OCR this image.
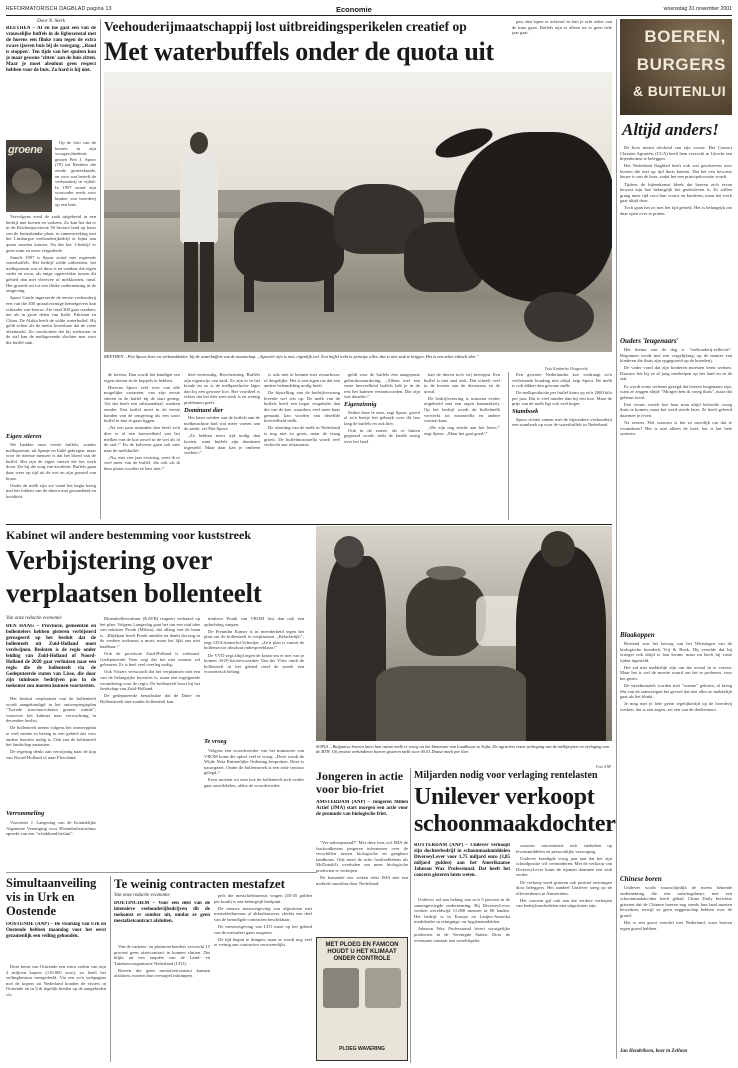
REFORMATORISCH DAGBLAD pagina 13	Economie	woensdag 31 november 2001
Door N. Sterk
REETHEN – Af en toe gaat een van de vrouwelijke buffels in de ligboxenstal met de horens een flinke ram tegen de extra zware ijzeren buis bij de voergang. „Rood is stoppen'. Ten tijde van het spuiten kun je maar gewone ‘zitten' aan de buis zitten. Maar je moet absoluut geen respect hebben voor de buis. Zo hard is hij niet.
groene

Op de foto van de boeren in zijn voorgeschiedenis gezien Piet J. Spoor (70) uit Reethen die zonde geneeskunde, en voor wat betreft de veehouderij in vijftal: In 1997 stond zijn voorvader reeds voor hunker van boerderij op een huis.

Vervolgens werd de zaak uitgebreid in een bedrijf met koeien en varkens. Zo kan het dat er in de Kitchenprovincie 50 hectare land op basis van de buitenlandse plaat, in samenwerking met het Limburgse veehouderijbedrijf er bijna aan quota moeten komen. Na dat het 1-bedrijf er geen ruim en meer vergaderde.

Simels 1997 is Spoor actief met regionale waterbuffels. Het bedrijf wilde uitbreiden, het melkquotum was er duur is en vandaar die eigen vader en zoon, als enige oppervlakte tussen dit gebied dan met vleesvee of melkkoeien, rund. Het groeide uit tot een flinke onderneming in de omgeving.

Spoor Castle ingeroerde de eerste veehouderij een van die 300 spiraalvormige hemelgevers kan schouder van boerse. Zie rond 300 gaas rondom, net als in grote delen van Italië. Pakistan en China. De Afrika heeft de wilde waterbuffel. Hij geldt echter als de meest kwetsbare dat de vaste afzetmarkt. Zo voorkomen dat bij werkwaar in de stal kan de melkgevende slachter met voor die buffel stuk.

Eigen stieren

We hadden onze eerste buffels, zonder melkquotum, uit Spanje en Italië gekregen, maar voor de meeste mensen is dat het bloed van de buffel. Het zijn de eigen stieren die het werk doen. Zie bij die zorg van kwaliteit. Buffels gaan daar weer op tijd uit de wei en zijn gezond van bouw.

Onder de melk zijn we vanaf het begin bezig met het fokken van de dieren met gezondheid en kwaliteit.

Veehouderijmaatschappij lost uitbreidingsperikelen creatief op
Met waterbuffels onder de quota uit
REETHEN – Piet Spoor, boer en verbanddokter, bij de waterbuffels van de maatschap. „Agrariër zijn is niet, eigenlijk wel. Een buffel trekt in principe alles, dus is niet stuk te krijgen. Het is een zeker ethisch idee."
Foto Kimberley Hougezicht

de koeien. Dan wordt het handiger om eigen stieren in de koppels te hebben.

Hiervan Spoor veel over van alle mogelijke varianten, van zijn eerste stieren in de buffel bij de start gering. Als dat heeft een stilstaandstal, rondom zonder. Een buffel moet in de eerste handen van de omgeving als een soort buffel te met te gaan liggen.

„Na een paar maanden dan heeft zo'n dier er al een hoeveelheid van het melken van de koe zowel in de wei als in de stal.\" En de kalveren gaan ook mee naar de melkbuffel.

„Nu, met vier jaar ervaring, weet ik er veel meer van de buffel, die ook als ik hem plaats worden ze best niet.\"

heel eenvoudig. Bescherming. Buffels zijn eigenwijs van aard. Ze zijn er in het koude en zo is de melkproductie lager dan bij een gewone koe. Het voordeel is echter dat het dier zeer sterk is en weinig problemen geeft.

Dominant dier

Het laten weiden van de buffels aan de melkmachine had wat meer voeten aan de aarde, zei Piet Spoor.

„Ze hebben meer tijd nodig dan koeien, want buffels zijn dominant ingesteld. Maar daar kan je omheen werken.\"

is ook niet te kennen met zwaarbouw of dergelijke. Het is een eigen ras dat een andere behandeling nodig heeft.

De bijstelling van de bedrijfsvoering leverde wel iets op. De melk van de buffels heeft een hoger vetgehalte dan die van de koe, waardoor veel meer kaas gemaakt kan worden van dezelfde hoeveelheid melk.

De afzetting van de melk in Nederland is nog niet zo groot, maar de vraag groeit. De buffelmozzarella wordt veel verkocht aan restaurants.

geldt voor de buffels een aangepaste gebruikswaardering. „Alleen met een vaste hoeveelheid buffels heb je in de rest het kunnen verantwoorden. Die zijn wat duurder.\"

Eigenzinnig

Sedert deze te zien, zegt Spoor, groeit al zo'n beetje het gebruik over dit hoe lang de buffels en ook hier.

Ook in de zomer, als er buiten gegraasd wordt, trekt de kudde rustig over het land.

kan de dieren toch vrij bewegen. Een buffel is niet snel ziek. Dat scheelt veel in de kosten van de dierenarts en de uitval.

De bedrijfsvoering is intussen verder uitgebreid met een eigen kaasmakerij. Op het bedrijf wordt de buffelmelk verwerkt tot mozzarella en andere soorten kaas.

„We zijn nog steeds aan het leren,\" zegt Spoor. „Maar het gaat goed.\"

pen, dan lopen er achteraf en kan je echt zeker van de kaas gaan. Buffels zijn er alleen tot er geen hele jaar gaat.

Een gewone Nederlandse koe verdraagt zo'n veeleisende houding niet altijd, zegt Spoor. De melk is ook dikker dan gewone melk.

De melkproductie per buffel komt op zo'n 2000 kilo per jaar. Dat is veel minder dan bij een koe. Maar de prijs van de melk ligt ook veel hoger.

Stamboek

Spoor richtte samen met de bijzondere veehouderij een stamboek op voor de waterbuffels in Nederland.

BOEREN,
BURGERS
& BUITENLUI
Altijd anders!

De boer neemt afscheid van zijn vrouw. Het Contact Christen Agrariërs (CCA) heeft hem verzocht in Utrecht een bijeenkomst te beleggen.

Het Nederland Dagblad heeft ook wat geschreven over boeren die niet op tijd thuis komen. Dat het een bewuste keuze is van de boer, zodat het een principekwestie wordt.

Tijdens de bijeenkomst bleek dat boeren zich ervan bewust zijn hoe belangrijk het gezinsleven is. Ze willen graag meer tijd voor hun vrouw en kinderen, maar het werk gaat altijd door.

Toch gaan het zo met het tijd gebrek. Het is belangrijk om daar open over te praten.

Ouders 'leugenaars'

Het thema van de dag is "veehouderij-reflectie". Begonnen wordt met een vergelijking, op de manier van kinderen die thuis zijn opgegroeid op de boerderij.

De vader vond dat zijn kinderen moesten leren werken. Daarom liet hij ze al jong meehelpen op het land en in de stal.

Er wordt soms weleens gezegd dat boeren leugenaars zijn, want ze zeggen altijd: "Morgen ben ik vroeg thuis", maar dat gebeurt nooit.

Een vrouw vertelt hoe haar man altijd beloofde vroeg thuis te komen, maar het werd steeds later. Ze heeft geleerd daarmee te leven.

Na zessen, Piet waarom is het zo moeilijk om dat te veranderen? Het is niet alleen de boer, het is het hele systeem.

Blaakoppen

Boeiend was het betoog van het Wirtsingen van de biologische boerderij Vrij & Boek. Hij vertelde dat hij vroeger ook altijd te laat kwam, maar nu heeft hij vaste tijden ingesteld.

Het zal niet makkelijk zijn om dat overal in te voeren. Maar het is wel de moeite waard om het te proberen, voor het gezin.

De streekmuziek worden met "warme" gelezen, al kreeg één van de aanwezigen het gevoel dat niet alles zo makkelijk gaat als het klinkt.

Je mag met je hele gezin tegelijkertijd op de boerderij werken, dat is een zegen, zei een van de deelnemers.

Chinese boren

Unilever wordt waarschijnlijk de meest bekende onderneming die een noteringsbeurs met een schoonmaakdochter heeft gehad. China Daily berichtte gisteren dat de Chinese boeren nog steeds hun land moeten bewerken, terwijl ze geen zeggenschap hebben over de grond.

Het is een groot verschil met Nederland, waar boeren eigen grond hebben.

Jan Hendriksen, boer in Zelhem
Kabinet wil andere bestemming voor kuststreek
Verbijstering over
verplaatsen bollenteelt
Van onze redactie economie
DEN HAAG – Provincie, gemeenten en bollentelers hebben gisteren verbijsterd gereageerd op het besluit dat de bollenteelt uit Zuid-Holland moet verdwijnen. Besloten is de regio onder leiding van Zuid-Holland of Noord-Holland de 2020 gaat verhuizen naar een regio die de bollenteelt via de Gedeputeerde staten van Lisse, die door zijn tuinbouw bedrijven pas in de toekomst zou moeten kunnen voortzetten.

Het besluit verplaatsen van de bollenteelt wordt aangekondigd in het ontwerpregioplan "Tweede structuurschema groene ruimte", waarover het kabinet naar verwachting in december beslist.

De bollenteelt neemt volgens het ontwerpplan te veel ruimte in beslag in een gebied dat voor andere functies nodig is. Ook zou de bollenteelt het landschap aantasten.

De regering denkt aan verwijzing naar de kop van Noord-Holland of naar Flevoland.

Verrommeling

Voorzitter J. Langeslag van de Koninklijke Algemene Vereniging voor Bloembollencultuur spreekt van een "schokkend besluit".

Bloembollencultuur (KAVB) reageert verbaasd op het plan. Volgens Langeslag gaat het om een oud idee van minister Pronk (Milieu), dat allang van de baan is. „Blijkbaar heeft Pronk ambitie en denkt dat nog in de verdere toekomst u moet, maar het lijkt ons niet haalbaar.\"

Ook de provincie Zuid-Holland is verbaasd. Gedeputeerde Veen zegt dat het niet zomaar zal gebeuren. Er is heel veel overleg nodig.

Ook Vissers verwoordt dat het verplaatsen niet een van de belangrijke kwesties is, maar een ingrijpende verandering voor de regio. De bollenteelt hoort bij het landschap van Zuid-Holland.

De gedeputeerde benadrukte dat de Duin- en Bollenstreek niet zonder bollenteelt kan.

minister Pronk van VROM lost dan ook een opluchting vangen.

De Freundin Kamer is in meerderheid tegen het plan om de bollenteelt te verplaatsen. „Belachelijk\", zegt CDA-kamerlid Schreijer. „Zo'n plan is vanuit de bollensector absoluut onbespreekbaar.\"

De VVD zegt altijd tegen de kraan om er niet van te komen. SGP-fractievoorzitter Van der Vlies vindt de bollenteelt in het gebied rond de streek een economisch belang.

Te vroeg

Volgens een woordvoerder van het ministerie van VROM komt die ophef veel te vroeg. „Deze wordt de Wijde Nota Ruimtelijke Ordening besproken. Deze is nauwgezet. Onder de bollenstreek is een rode contour gelegd.\"

Eerst moeten we zien hoe de bollenteelt zich verder gaat ontwikkelen, aldus de woordvoerder.

SOFIA – Bulgaarse boeren laten hun rauwe melk er vroeg tot het binnenste van Landbouw to Sofia. De agrariërs eisen verhoging van de melkprijzen en verlaging van de BTW. Uit protest verhinderen boeren gisteren melk voor 00.01 Duitse mark per liter.
Foto ANP
Jongeren in actie voor bio-friet
AMSTERDAM (ANP) – Jongeren Milieu Actief (JMA) start morgen een actie voor de promotie van biologische friet.

"Ver-ouboopstand?" Met deze leus wil JMA de fastfoodketens jongeren informeren over de verschillen tussen biologische en gangbare landbouw. Ook moet de actie fastfoodketens als McDonald's overhalen om meer biologische producten te verkopen.

De komende vier weken trekt JMA met een mobiele snackbar door Nederland.

MET PLOEG EN FAMCON
HOUDT U HET KLIMAAT
ONDER CONTROLE
PLOEG WAVERING
Miljarden nodig voor verlaging rentelasten
Unilever verkoopt
schoonmaakdochter
ROTTERDAM (ANP) – Unilever verkoopt zijn dochterbedrijf in schoonmaakmiddelen DiverseyLever voor 1,75 miljard euro (3,85 miljard gulden) aan het Amerikaanse Johnson Wax Professional. Dat heeft het concern gisteren laten weten.

Unilever zal aan belang van zo'n 5 procent in de samengevoegde onderneming. Bij DiverseyLever werken wereldwijd 11.000 mensen in 60 landen. Het bedrijf is in Europa en Latijns-Amerika marktleider in reinigings- en hygiënemiddelen.

Johnson Wax Professional levert soortgelijke producten in de Verenigde Staten. Door de overname ontstaat een wereldspeler.

concern concentreert zich sindsdien op levensmiddelen en persoonlijke verzorging.

Unilever kondigde vorig jaar aan dat het zijn schuldpositie wil verminderen. Met de verkoop van DiverseyLever komt de topman daarmee een stuk verder.

De verkoop werd gisteren ook positief ontvangen door beleggers. Het aandeel Unilever steeg op de effectenbeurs in Amsterdam.

Het concern gaf ook aan dat verdere verkopen van bedrijfsonderdelen niet uitgesloten zijn.

Simultaanveiling vis in Urk en Oostende
OOSTENDE (ANP) – De visafslag van Urk en Oostende hebben maandag voor het eerst gezamenlijk een veiling gehouden.

Deze beurt van Oostende een extra ordeur van zijn 2 miljoen kopers (110.000 euro), zo heeft het veilingbestuur meegedeeld. Via een zo'n webpagina met de kopers uit Nederland konden de vissers in Oostende en in Urk tegelijk bieden op de aangeboden vis.

Te weinig contracten mestafzet
Van onze redactie economie
DOETINCHEM – Voor een deel van de intensieve veehouderijbedrijven dit de toekomst er somber uit, omdat ze geen mestafzetcontract afsluiten.

Van de varkens- en pluimveehouders verwacht 15 procent geen afzetcontract te kunnen sluiten. Dat blijkt uit een enquête van de Land- en Tuinbouworganisatie Nederland (LTO).

Boeren die geen mestafzetcontract kunnen afsluiten, moeten hun veestapel inkrimpen.

pels die mestafzetbureaus vragen (40-45 gulden per kuub) is een belangrijk knelpunt.

De nieuwe mestwetgeving zou afgesloten met mestafzetbureaus of akkerbouwers, slechts een deel van de benodigde contracten beschikbaar.

De mestwetgeving van LTO moet op het gebied van de mestafzet gaan reageren.

De tijd begint te dringen, maar er wordt nog veel te weinig aan contracten verwezenlijkt.
